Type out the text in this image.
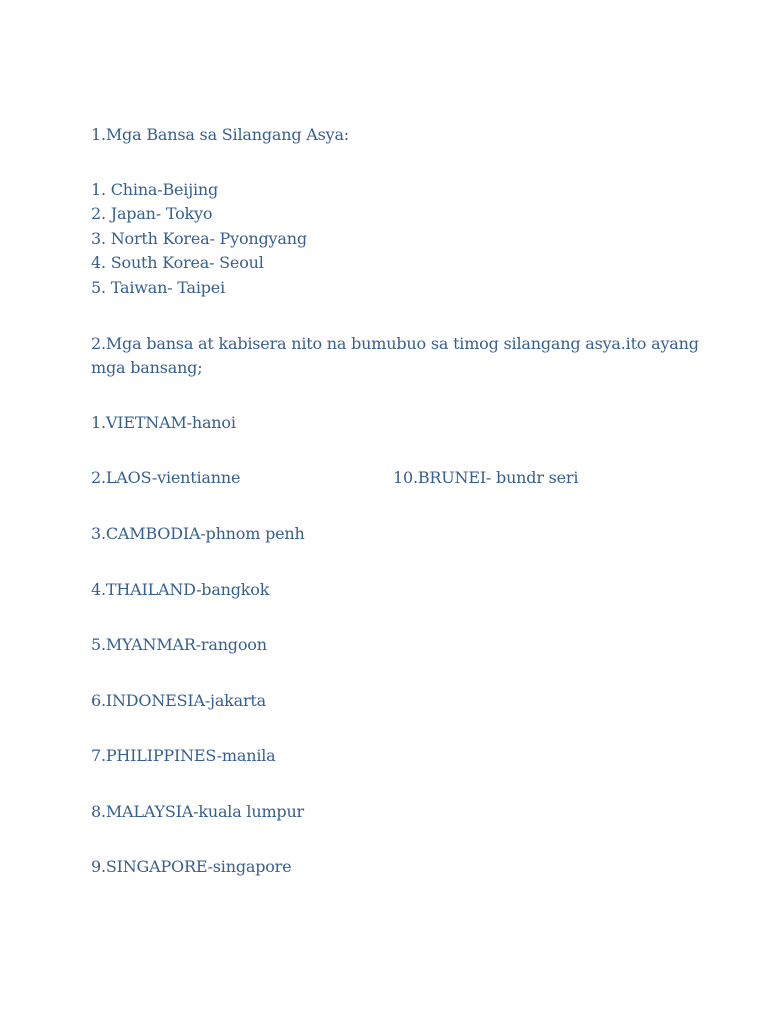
1.Mga Bansa sa Silangang Asya:
1. China-Beijing
2. Japan- Tokyo
3. North Korea- Pyongyang
4. South Korea- Seoul
5. Taiwan- Taipei
2.Mga bansa at kabisera nito na bumubuo sa timog silangang asya.ito ayang
mga bansang;
1.VIETNAM-hanoi
2.LAOS-vientianne	10.BRUNEI- bundr seri
3.CAMBODIA-phnom penh
4.THAILAND-bangkok
5.MYANMAR-rangoon
6.INDONESIA-jakarta
7.PHILIPPINES-manila
8.MALAYSIA-kuala lumpur
9.SINGAPORE-singapore
